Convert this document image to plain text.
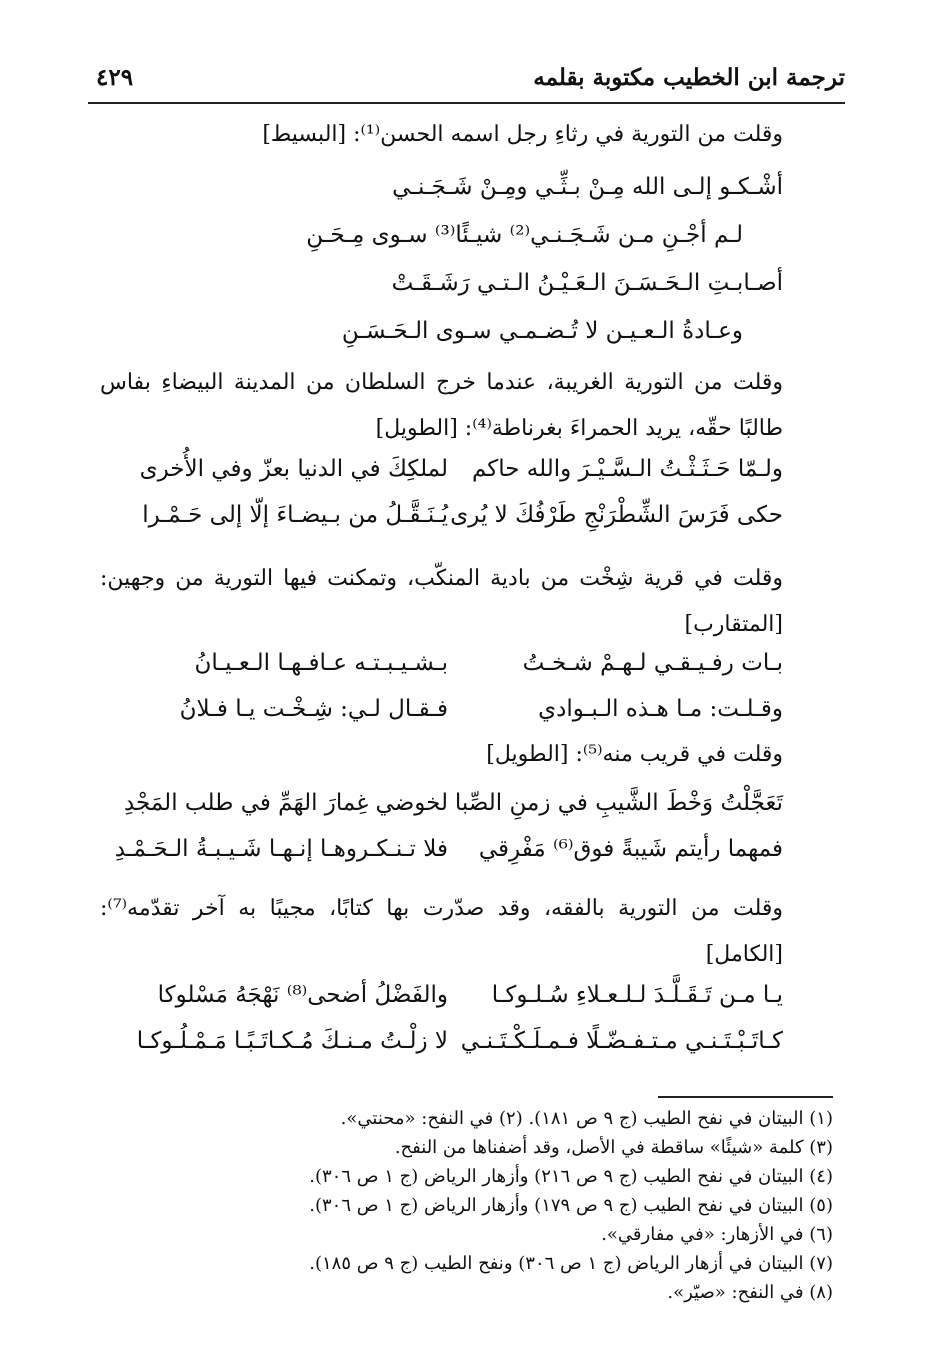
ترجمة ابن الخطيب مكتوبة بقلمه
٤٢٩
وقلت من التورية في رثاءِ رجل اسمه الحسن⁽¹⁾: [البسيط]
أشْـكـو إلـى الله مِـنْ بـثِّـي ومِـنْ شَـجَـنـي
لـم أجْـنِ مـن شَـجَـنـي⁽²⁾ شيـئًا⁽³⁾ سـوى مِـحَـنِ
أصـابـتِ الـحَـسَـنَ الـعَـيْـنُ الـتـي رَشَـقَـتْ
وعـادةُ الـعـيـن لا تُـضـمـي سـوى الـحَـسَـنِ
وقلت من التورية الغريبة، عندما خرج السلطان من المدينة البيضاءِ بفاس طالبًا حقّه، يريد الحمراءَ بغرناطة⁽⁴⁾: [الطويل]
ولـمّا حَـثَـثْـتُ الـسَّـيْـرَ والله حاكم
لملكِكَ في الدنيا بعزّ وفي الأُخرى
حكى فَرَسَ الشِّطْرَنْجِ طَرْفُكَ لا يُرى
يُـنَـقَّـلُ من بـيضـاءَ إلّا إلى حَـمْـرا
وقلت في قرية شِخْت من بادية المنكّب، وتمكنت فيها التورية من وجهين: [المتقارب]
بـات رفـيـقـي لـهـمْ شـخـتُ
بـشـيـبـتـه عـافـهـا الـعـيـانُ
وقـلـت: مـا هـذه الـبـوادي
فـقـال لـي: شِـخْـت يـا فـلانُ
وقلت في قريب منه⁽⁵⁾: [الطويل]
تَعَجَّلْتُ وَخْطَ الشَّيبِ في زمنِ الصِّبا
لخوضي غِمارَ الهَمِّ في طلب المَجْدِ
فمهما رأيتم شَيبةً فوق⁽⁶⁾ مَفْرِقي
فلا تـنـكـروهـا إنـهـا شَـيـبـةُ الـحَـمْـدِ
وقلت من التورية بالفقه، وقد صدّرت بها كتابًا، مجيبًا به آخر تقدّمه⁽⁷⁾: [الكامل]
يـا مـن تَـقَـلَّـدَ لـلـعـلاءِ سُـلـوكـا
والفَضْلُ أضحى⁽⁸⁾ نَهْجَهُ مَسْلوكا
كـاتَـبْـتَـنـي مـتـفـضّـلًا فـمـلَـكْـتَـنـي
لا زلْـتُ مـنـكَ مُـكـاتَـبًـا مَـمْـلُـوكـا
(١) البيتان في نفح الطيب (ج ٩ ص ١٨١). (٢) في النفح: «محنتي».
(٣) كلمة «شيئًا» ساقطة في الأصل، وقد أضفناها من النفح.
(٤) البيتان في نفح الطيب (ج ٩ ص ٢١٦) وأزهار الرياض (ج ١ ص ٣٠٦).
(٥) البيتان في نفح الطيب (ج ٩ ص ١٧٩) وأزهار الرياض (ج ١ ص ٣٠٦).
(٦) في الأزهار: «في مفارقي».
(٧) البيتان في أزهار الرياض (ج ١ ص ٣٠٦) ونفح الطيب (ج ٩ ص ١٨٥).
(٨) في النفح: «صيّر».
